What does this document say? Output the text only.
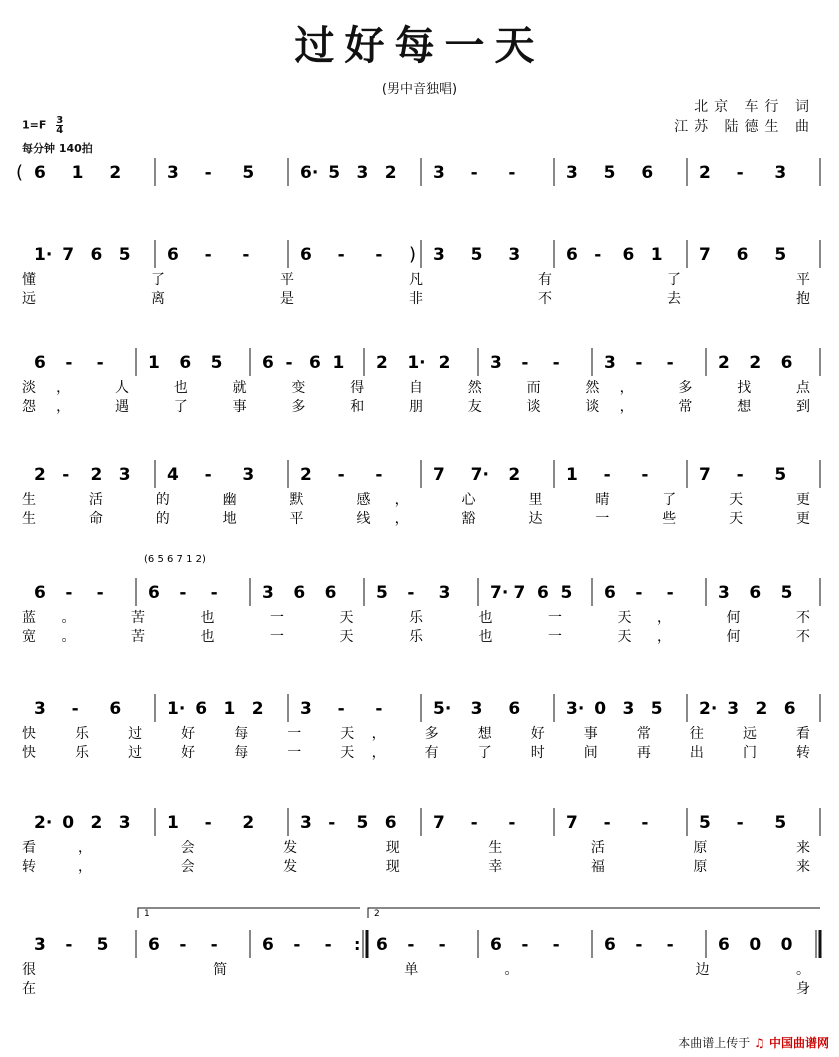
过好每一天
(男中音独唱)
北京 车行 词
江苏 陆德生 曲
$1=F \frac{3}{4}$
每分钟 140拍
( 6 1 2	3 - 5	6· 5 3 2 3 - -	3 5 6	2 - 3
1· 7 6 5 6 - -	6 - - ) 3 5 3	6 - 6 1 7 6 5
懂 了 平 凡 有 了 平
远 离 是 非 不 去 抱
6 - -	1 6 5 6 - 6 1 2 1· 2 3 - -	3 - -	2 2 6
淡， 人 也 就 变 得 自 然 而 然， 多 找 点
怨， 遇 了 事 多 和 朋 友 谈 谈， 常 想 到
2 - 2 3 4 - 3	2 - -	7 7· 2	1 - -	7 - 5
生 活 的 幽 默 感， 心 里 晴 了 天 更
生 命 的 地 平 线， 豁 达 一 些 天 更
(6 5 6 7 1 2)
6 - -	6 - -	3 6 6 5 - 3 7· 7 6 5 6 - -	3 6 5
蓝。 苦 也 一 天 乐 也 一 天， 何 不
宽。 苦 也 一 天 乐 也 一 天， 何 不
3 - 6	1· 6 1 2 3 - -	5· 3 6	3· 0 3 5 2· 3 2 6
快 乐 过 好 每 一 天， 多 想 好 事 常 往 远 看
快 乐 过 好 每 一 天， 有 了 时 间 再 出 门 转
2· 0 2 3 1 - 2	3 - 5 6 7 - -	7 - -	5 - 5
看， 会 发 现 生 活 原 来
转， 会 发 现 幸 福 原 来
1	2
3 - 5 6 - -	6 - - : 6 - -	6 - -	6 - -	6 0 0
很 简 单。 边。
在 身
本曲谱上传于 ♫ 中国曲谱网
